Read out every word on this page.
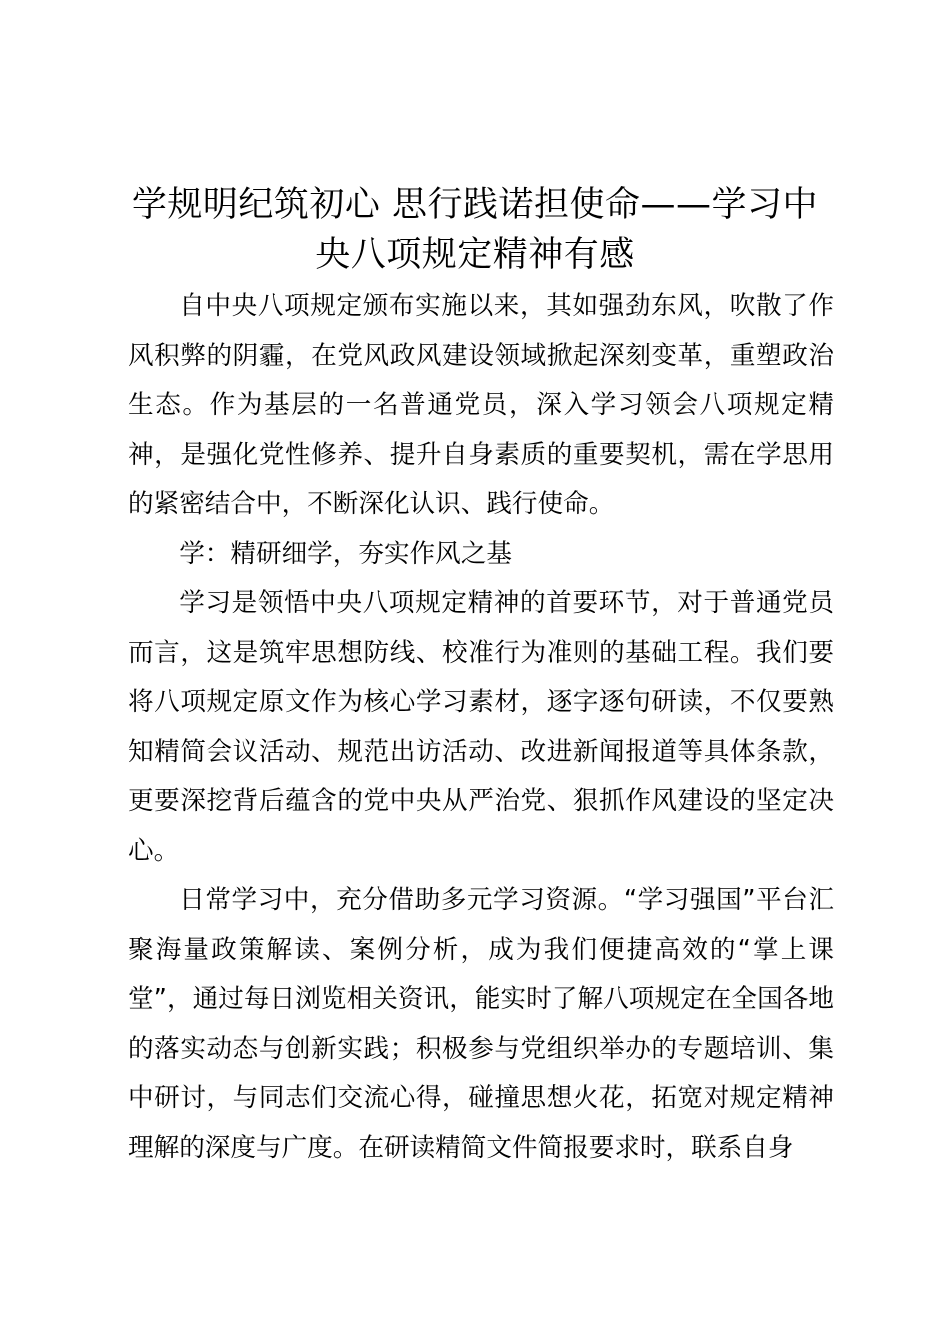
学规明纪筑初心 思行践诺担使命——学习中央八项规定精神有感

自中央八项规定颁布实施以来，其如强劲东风，吹散了作风积弊的阴霾，在党风政风建设领域掀起深刻变革，重塑政治生态。作为基层的一名普通党员，深入学习领会八项规定精神，是强化党性修养、提升自身素质的重要契机，需在学思用的紧密结合中，不断深化认识、践行使命。

学：精研细学，夯实作风之基

学习是领悟中央八项规定精神的首要环节，对于普通党员而言，这是筑牢思想防线、校准行为准则的基础工程。我们要将八项规定原文作为核心学习素材，逐字逐句研读，不仅要熟知精简会议活动、规范出访活动、改进新闻报道等具体条款，更要深挖背后蕴含的党中央从严治党、狠抓作风建设的坚定决心。

日常学习中，充分借助多元学习资源。“学习强国”平台汇聚海量政策解读、案例分析，成为我们便捷高效的“掌上课堂”，通过每日浏览相关资讯，能实时了解八项规定在全国各地的落实动态与创新实践；积极参与党组织举办的专题培训、集中研讨，与同志们交流心得，碰撞思想火花，拓宽对规定精神理解的深度与广度。在研读精简文件简报要求时，联系自身
